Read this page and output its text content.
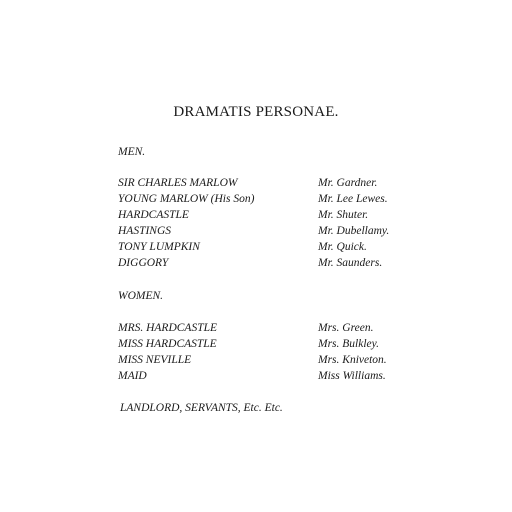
DRAMATIS PERSONAE.
MEN.
SIR CHARLES MARLOW	Mr. Gardner.
YOUNG MARLOW (His Son)	Mr. Lee Lewes.
HARDCASTLE	Mr. Shuter.
HASTINGS	Mr. Dubellamy.
TONY LUMPKIN	Mr. Quick.
DIGGORY	Mr. Saunders.
WOMEN.
MRS. HARDCASTLE	Mrs. Green.
MISS HARDCASTLE	Mrs. Bulkley.
MISS NEVILLE	Mrs. Kniveton.
MAID	Miss Williams.
LANDLORD, SERVANTS, Etc. Etc.
